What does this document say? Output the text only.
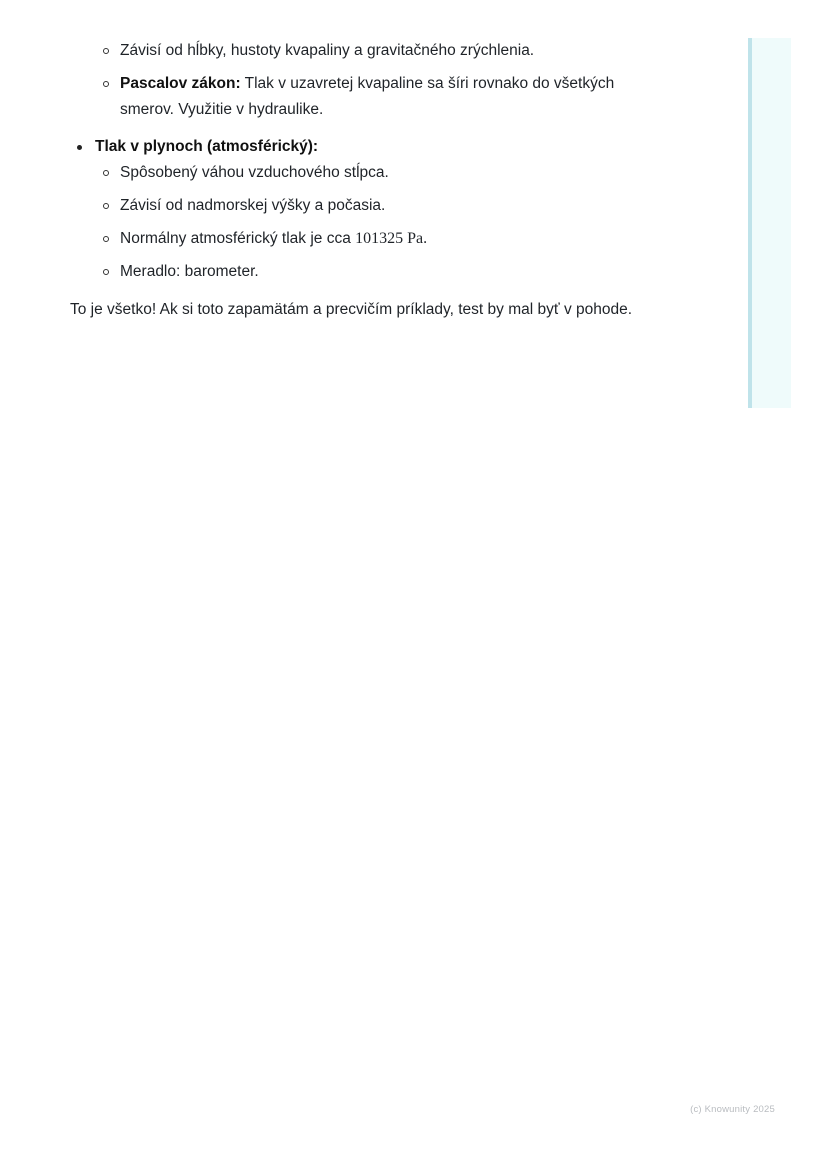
Závisí od hĺbky, hustoty kvapaliny a gravitačného zrýchlenia.
Pascalov zákon: Tlak v uzavretej kvapaline sa šíri rovnako do všetkých smerov. Využitie v hydraulike.
Tlak v plynoch (atmosférický):
Spôsobený váhou vzduchového stĺpca.
Závisí od nadmorskej výšky a počasia.
Normálny atmosférický tlak je cca 101325 Pa.
Meradlo: barometer.

To je všetko! Ak si toto zapamätám a precvičím príklady, test by mal byť v pohode.

(c) Knowunity 2025
